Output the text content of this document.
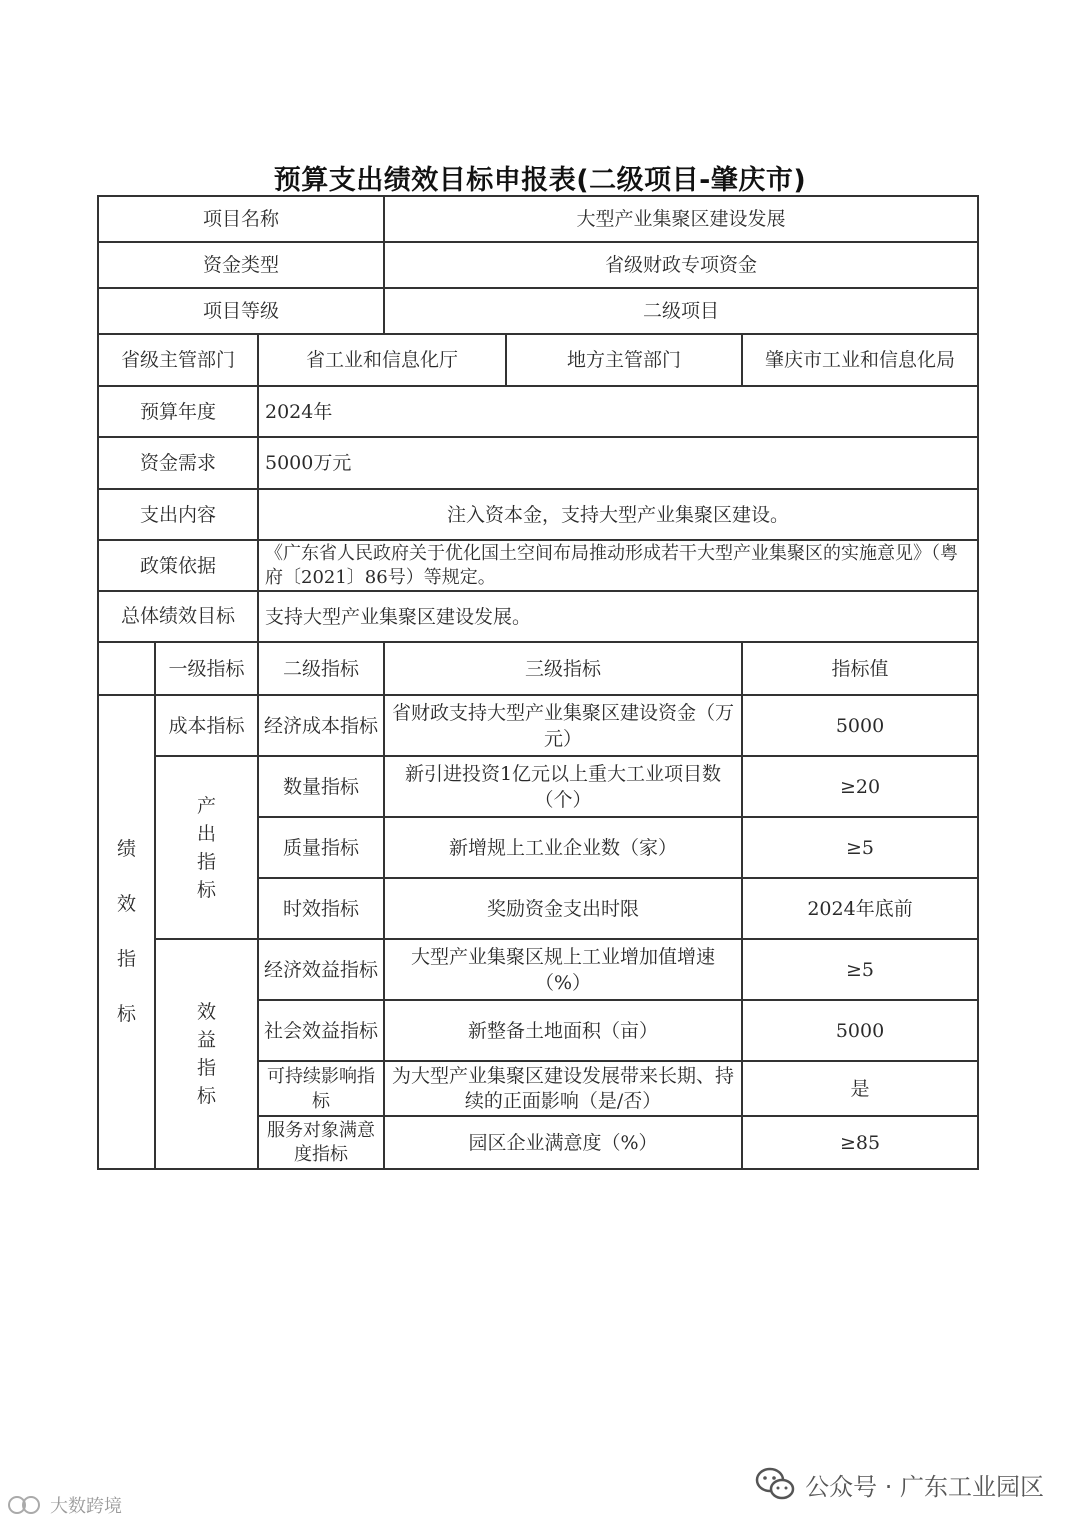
预算支出绩效目标申报表(二级项目-肇庆市)
项目名称			大型产业集聚区建设发展		
资金类型			省级财政专项资金		
项目等级			二级项目		
省级主管部门		省工业和信息化厅		地方主管部门	肇庆市工业和信息化局
预算年度		2024年			
资金需求		5000万元			
支出内容		注入资本金，支持大型产业集聚区建设。			
政策依据		《广东省人民政府关于优化国土空间布局推动形成若干大型产业集聚区的实施意见》（粤府〔2021〕86号）等规定。			
总体绩效目标		支持大型产业集聚区建设发展。			
	一级指标	二级指标	三级指标		指标值

绩
效
指
标	成本指标	经济成本指标	省财政支持大型产业集聚区建设资金（万元）		5000

	产
出
指
标	数量指标	新引进投资1亿元以上重大工业项目数（个）		≥20
		质量指标	新增规上工业企业数（家）		≥5
		时效指标	奖励资金支出时限		2024年底前

	效
益
指
标	经济效益指标	大型产业集聚区规上工业增加值增速（%）		≥5
		社会效益指标	新整备土地面积（亩）		5000
		可持续影响指标	为大型产业集聚区建设发展带来长期、持续的正面影响（是/否）		是
		服务对象满意度指标	园区企业满意度（%）		≥85
公众号 · 广东工业园区
大数跨境
